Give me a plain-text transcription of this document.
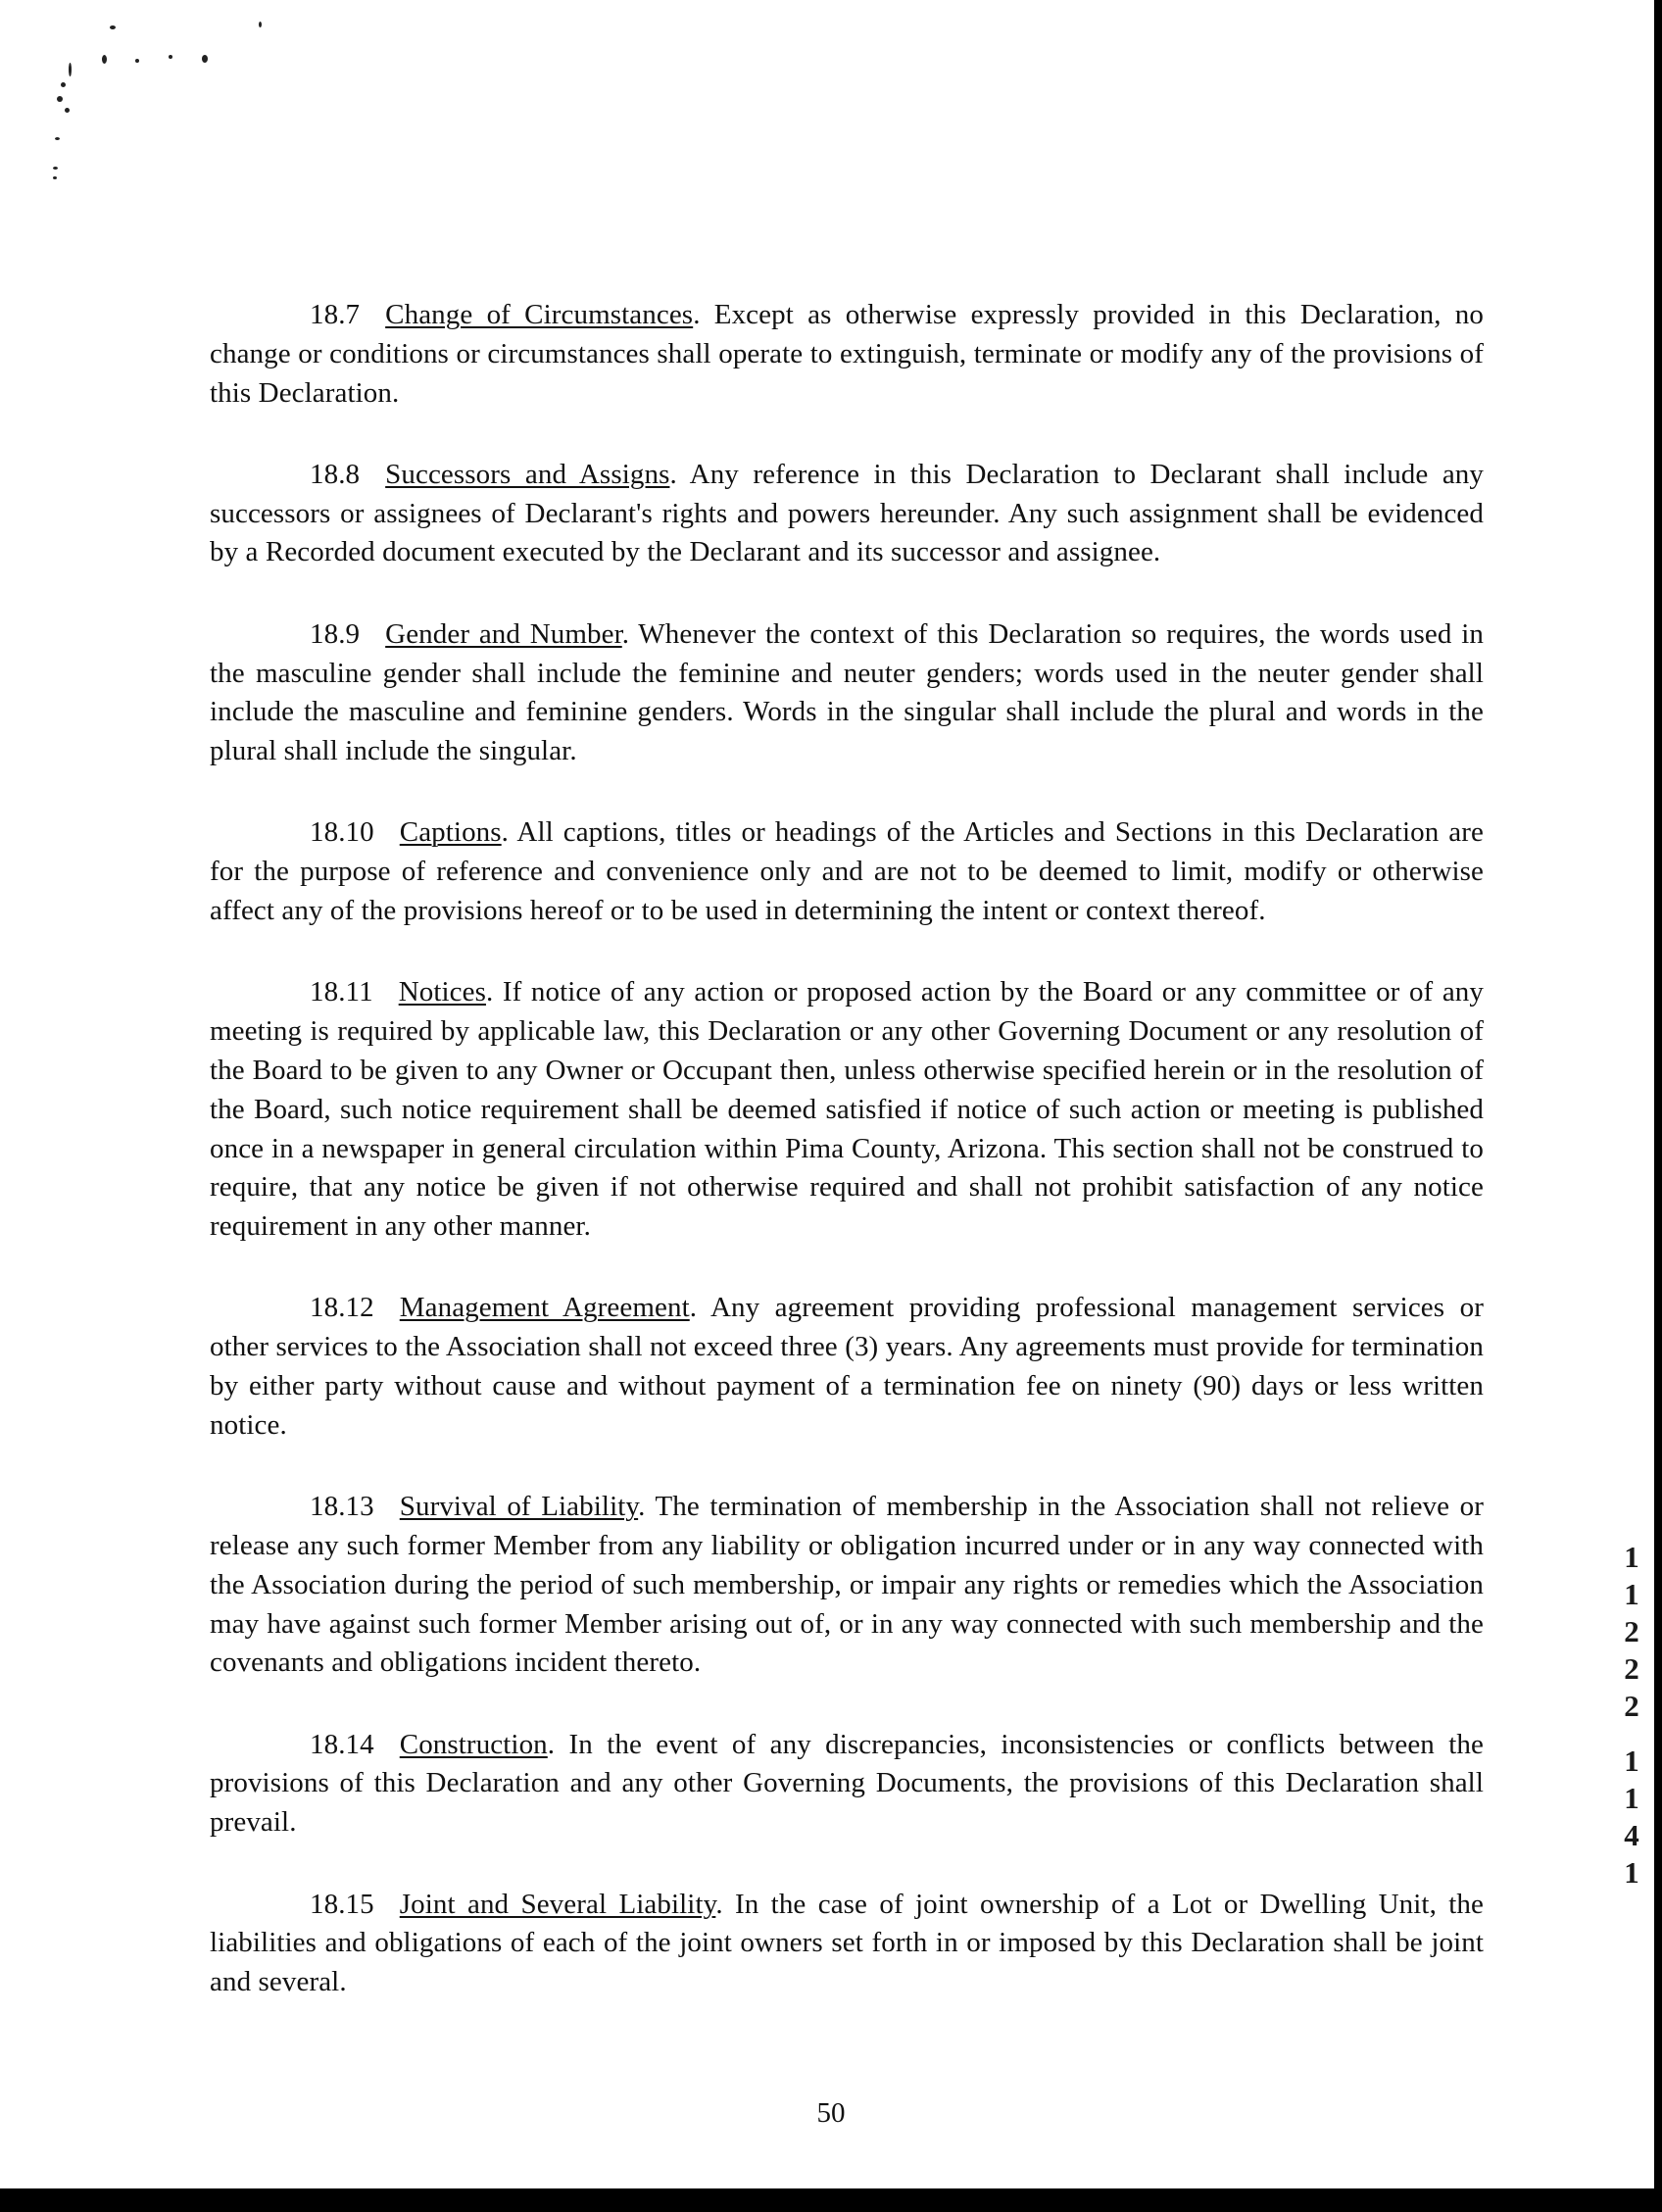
18.7 Change of Circumstances. Except as otherwise expressly provided in this Declaration, no change or conditions or circumstances shall operate to extinguish, terminate or modify any of the provisions of this Declaration.

18.8 Successors and Assigns. Any reference in this Declaration to Declarant shall include any successors or assignees of Declarant's rights and powers hereunder. Any such assignment shall be evidenced by a Recorded document executed by the Declarant and its successor and assignee.

18.9 Gender and Number. Whenever the context of this Declaration so requires, the words used in the masculine gender shall include the feminine and neuter genders; words used in the neuter gender shall include the masculine and feminine genders. Words in the singular shall include the plural and words in the plural shall include the singular.

18.10 Captions. All captions, titles or headings of the Articles and Sections in this Declaration are for the purpose of reference and convenience only and are not to be deemed to limit, modify or otherwise affect any of the provisions hereof or to be used in determining the intent or context thereof.

18.11 Notices. If notice of any action or proposed action by the Board or any committee or of any meeting is required by applicable law, this Declaration or any other Governing Document or any resolution of the Board to be given to any Owner or Occupant then, unless otherwise specified herein or in the resolution of the Board, such notice requirement shall be deemed satisfied if notice of such action or meeting is published once in a newspaper in general circulation within Pima County, Arizona. This section shall not be construed to require, that any notice be given if not otherwise required and shall not prohibit satisfaction of any notice requirement in any other manner.

18.12 Management Agreement. Any agreement providing professional management services or other services to the Association shall not exceed three (3) years. Any agreements must provide for termination by either party without cause and without payment of a termination fee on ninety (90) days or less written notice.

18.13 Survival of Liability. The termination of membership in the Association shall not relieve or release any such former Member from any liability or obligation incurred under or in any way connected with the Association during the period of such membership, or impair any rights or remedies which the Association may have against such former Member arising out of, or in any way connected with such membership and the covenants and obligations incident thereto.

18.14 Construction. In the event of any discrepancies, inconsistencies or conflicts between the provisions of this Declaration and any other Governing Documents, the provisions of this Declaration shall prevail.

18.15 Joint and Several Liability. In the case of joint ownership of a Lot or Dwelling Unit, the liabilities and obligations of each of the joint owners set forth in or imposed by this Declaration shall be joint and several.

1
1
2
2
2
1
1
4
1
50
